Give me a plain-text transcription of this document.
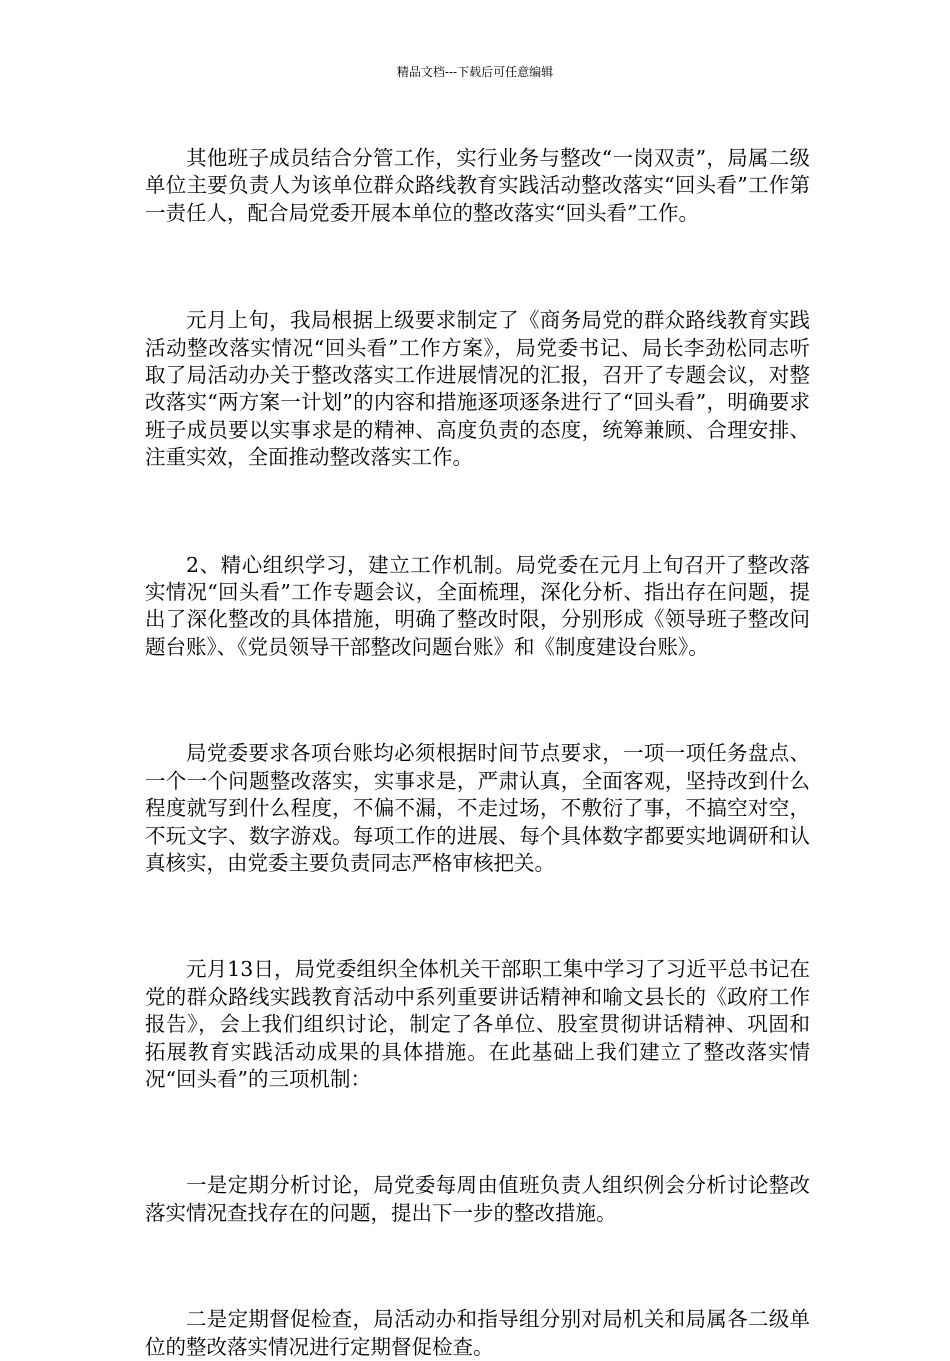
精品文档---下载后可任意编辑

其他班子成员结合分管工作，实行业务与整改“一岗双责”，局属二级单位主要负责人为该单位群众路线教育实践活动整改落实“回头看”工作第一责任人，配合局党委开展本单位的整改落实“回头看”工作。

元月上旬，我局根据上级要求制定了《商务局党的群众路线教育实践活动整改落实情况“回头看”工作方案》，局党委书记、局长李劲松同志听取了局活动办关于整改落实工作进展情况的汇报，召开了专题会议，对整改落实“两方案一计划”的内容和措施逐项逐条进行了“回头看”，明确要求班子成员要以实事求是的精神、高度负责的态度，统筹兼顾、合理安排、注重实效，全面推动整改落实工作。

2、精心组织学习，建立工作机制。局党委在元月上旬召开了整改落实情况“回头看”工作专题会议，全面梳理，深化分析、指出存在问题，提出了深化整改的具体措施，明确了整改时限，分别形成《领导班子整改问题台账》、《党员领导干部整改问题台账》和《制度建设台账》。

局党委要求各项台账均必须根据时间节点要求，一项一项任务盘点、一个一个问题整改落实，实事求是，严肃认真，全面客观，坚持改到什么程度就写到什么程度，不偏不漏，不走过场，不敷衍了事，不搞空对空，不玩文字、数字游戏。每项工作的进展、每个具体数字都要实地调研和认真核实，由党委主要负责同志严格审核把关。

元月13日，局党委组织全体机关干部职工集中学习了习近平总书记在党的群众路线实践教育活动中系列重要讲话精神和喻文县长的《政府工作报告》，会上我们组织讨论，制定了各单位、股室贯彻讲话精神、巩固和拓展教育实践活动成果的具体措施。在此基础上我们建立了整改落实情况“回头看”的三项机制：

一是定期分析讨论，局党委每周由值班负责人组织例会分析讨论整改落实情况查找存在的问题，提出下一步的整改措施。

二是定期督促检查，局活动办和指导组分别对局机关和局属各二级单位的整改落实情况进行定期督促检查。
